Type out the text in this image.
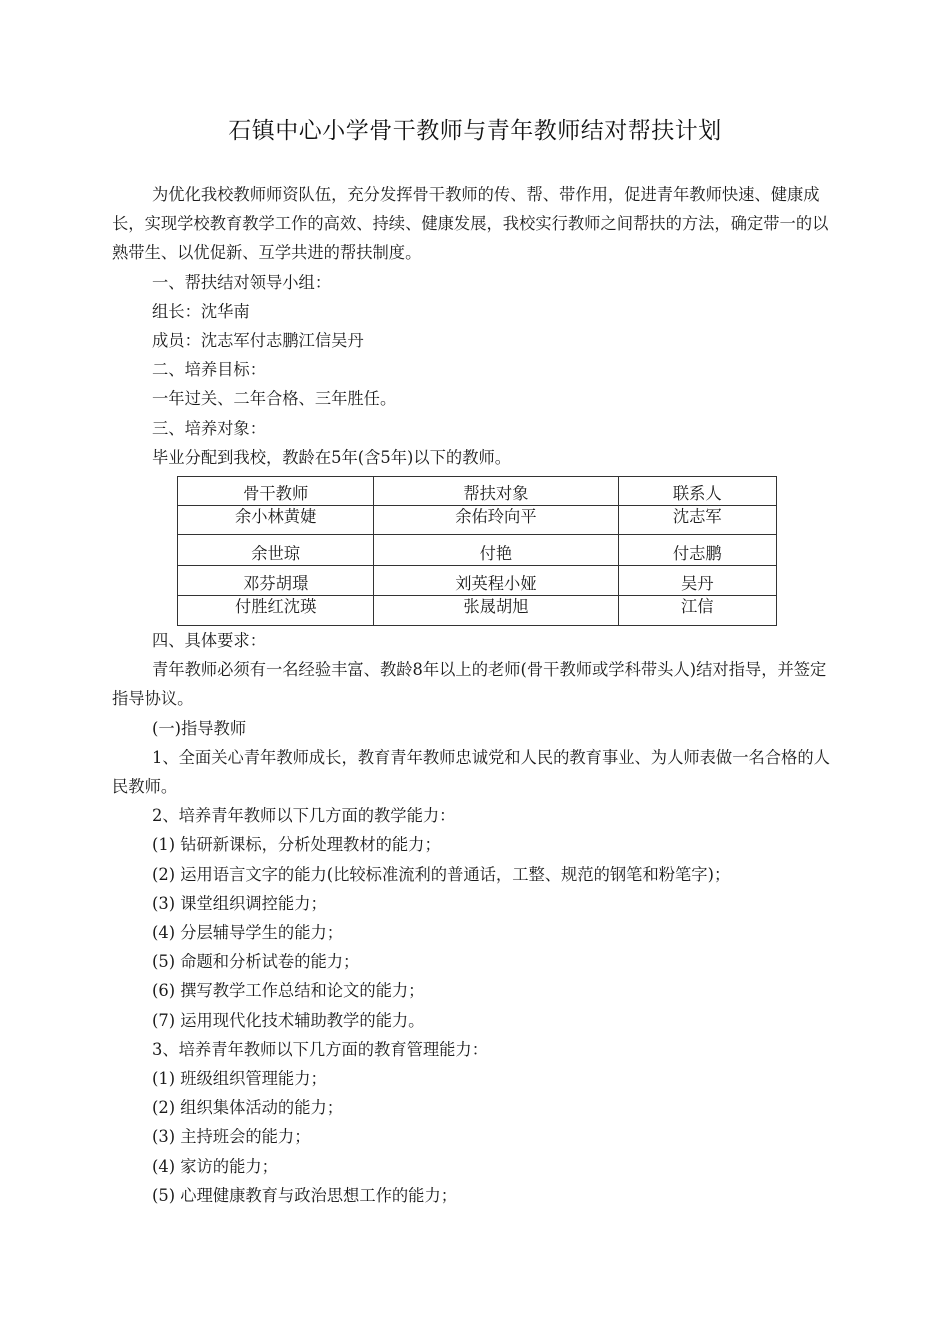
石镇中心小学骨干教师与青年教师结对帮扶计划

为优化我校教师师资队伍，充分发挥骨干教师的传、帮、带作用，促进青年教师快速、健康成长，实现学校教育教学工作的高效、持续、健康发展，我校实行教师之间帮扶的方法，确定带一的以熟带生、以优促新、互学共进的帮扶制度。

一、帮扶结对领导小组：

组长：沈华南

成员：沈志军付志鹏江信吴丹

二、培养目标：

一年过关、二年合格、三年胜任。

三、培养对象：

毕业分配到我校，教龄在5年(含5年)以下的教师。

骨干教师	帮扶对象	联系人
余小林黄婕	余佑玲向平	沈志军
余世琼	付艳	付志鹏
邓芬胡璟	刘英程小娅	吴丹
付胜红沈瑛	张晟胡旭	江信

四、具体要求：

青年教师必须有一名经验丰富、教龄8年以上的老师(骨干教师或学科带头人)结对指导，并签定指导协议。

(一)指导教师

1、全面关心青年教师成长，教育青年教师忠诚党和人民的教育事业、为人师表做一名合格的人民教师。

2、培养青年教师以下几方面的教学能力：

(1) 钻研新课标，分析处理教材的能力；

(2) 运用语言文字的能力(比较标准流利的普通话，工整、规范的钢笔和粉笔字)；

(3) 课堂组织调控能力；

(4) 分层辅导学生的能力；

(5) 命题和分析试卷的能力；

(6) 撰写教学工作总结和论文的能力；

(7) 运用现代化技术辅助教学的能力。

3、培养青年教师以下几方面的教育管理能力：

(1) 班级组织管理能力；

(2) 组织集体活动的能力；

(3) 主持班会的能力；

(4) 家访的能力；

(5) 心理健康教育与政治思想工作的能力；
